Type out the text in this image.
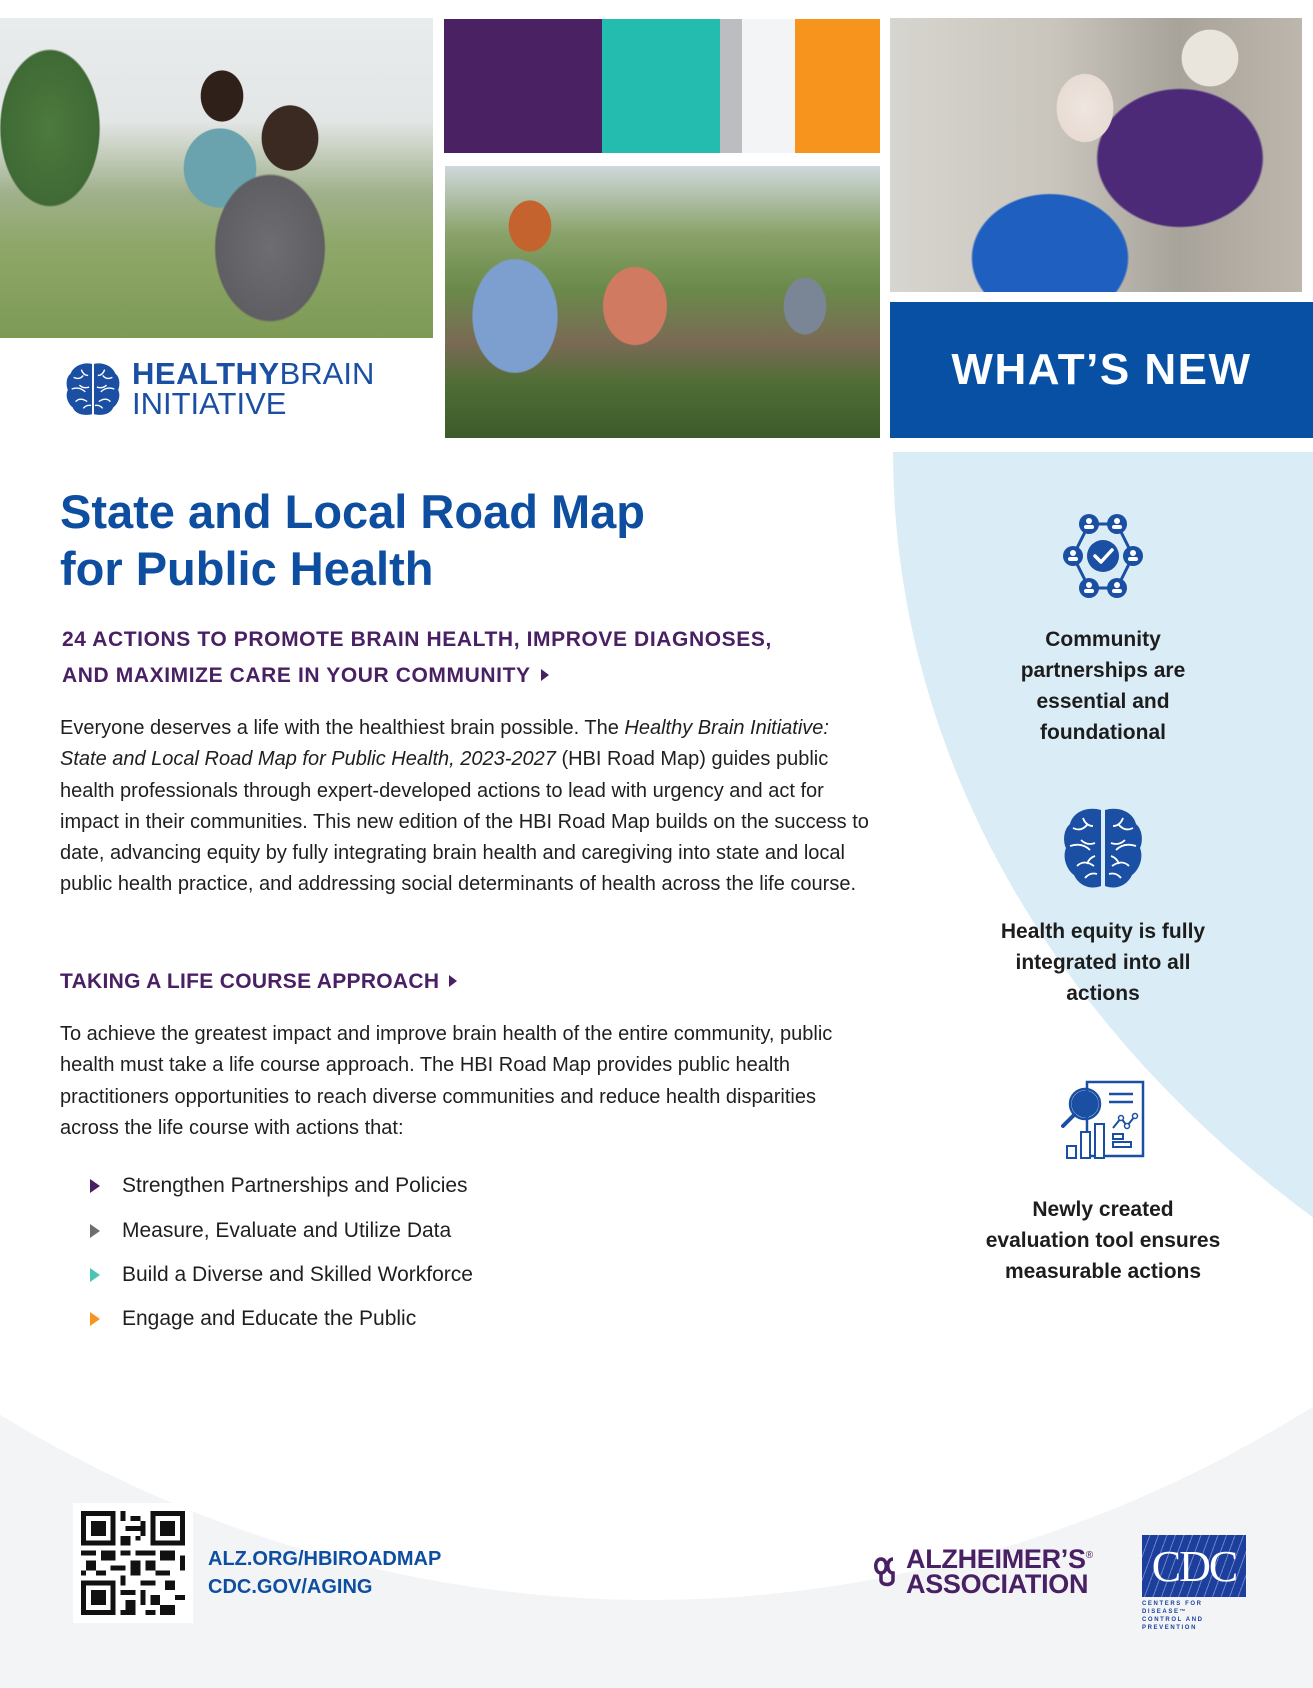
HEALTHYBRAIN
INITIATIVE
WHAT’S NEW
Community partnerships are essential and foundational
Health equity is fully integrated into all actions
Newly created evaluation tool ensures measurable actions
State and Local Road Map
for Public Health
24 ACTIONS TO PROMOTE BRAIN HEALTH, IMPROVE DIAGNOSES,
AND MAXIMIZE CARE IN YOUR COMMUNITY

Everyone deserves a life with the healthiest brain possible. The Healthy Brain Initiative: State and Local Road Map for Public Health, 2023-2027 (HBI Road Map) guides public health professionals through expert-developed actions to lead with urgency and act for impact in their communities. This new edition of the HBI Road Map builds on the success to date, advancing equity by fully integrating brain health and caregiving into state and local public health practice, and addressing social determinants of health across the life course.

TAKING A LIFE COURSE APPROACH

To achieve the greatest impact and improve brain health of the entire community, public health must take a life course approach. The HBI Road Map provides public health practitioners opportunities to reach diverse communities and reduce health disparities across the life course with actions that:

Strengthen Partnerships and Policies
Measure, Evaluate and Utilize Data
Build a Diverse and Skilled Workforce
Engage and Educate the Public
ALZ.ORG/HBIROADMAP
CDC.GOV/AGING
ALZHEIMER’S®
ASSOCIATION CDC
CENTERS FOR DISEASE™
CONTROL AND PREVENTION
